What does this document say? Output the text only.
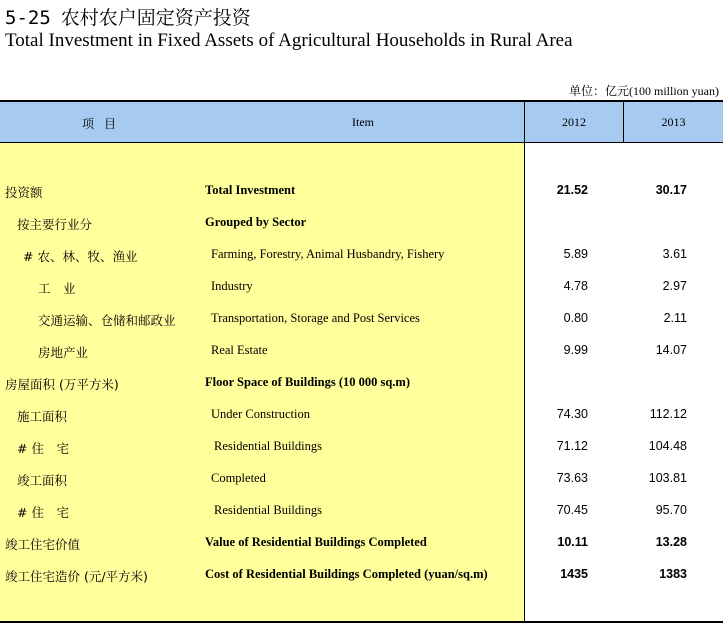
5-25 农村农户固定资产投资
Total Investment in Fixed Assets of Agricultural Households in Rural Area
单位：亿元(100 million yuan)
项目	Item	2012	2013
投资额	Total Investment	21.52	30.17
按主要行业分	Grouped by Sector
# 农、林、牧、渔业	Farming, Forestry, Animal Husbandry, Fishery	5.89	3.61
工　业	Industry	4.78	2.97
交通运输、仓储和邮政业	Transportation, Storage and Post Services	0.80	2.11
房地产业	Real Estate	9.99	14.07
房屋面积 (万平方米)	Floor Space of Buildings (10 000 sq.m)
施工面积	Under Construction	74.30	112.12
# 住　宅	Residential Buildings	71.12	104.48
竣工面积	Completed	73.63	103.81
# 住　宅	Residential Buildings	70.45	95.70
竣工住宅价值	Value of Residential Buildings Completed	10.11	13.28
竣工住宅造价 (元/平方米)	Cost of Residential Buildings Completed (yuan/sq.m)	1435	1383
